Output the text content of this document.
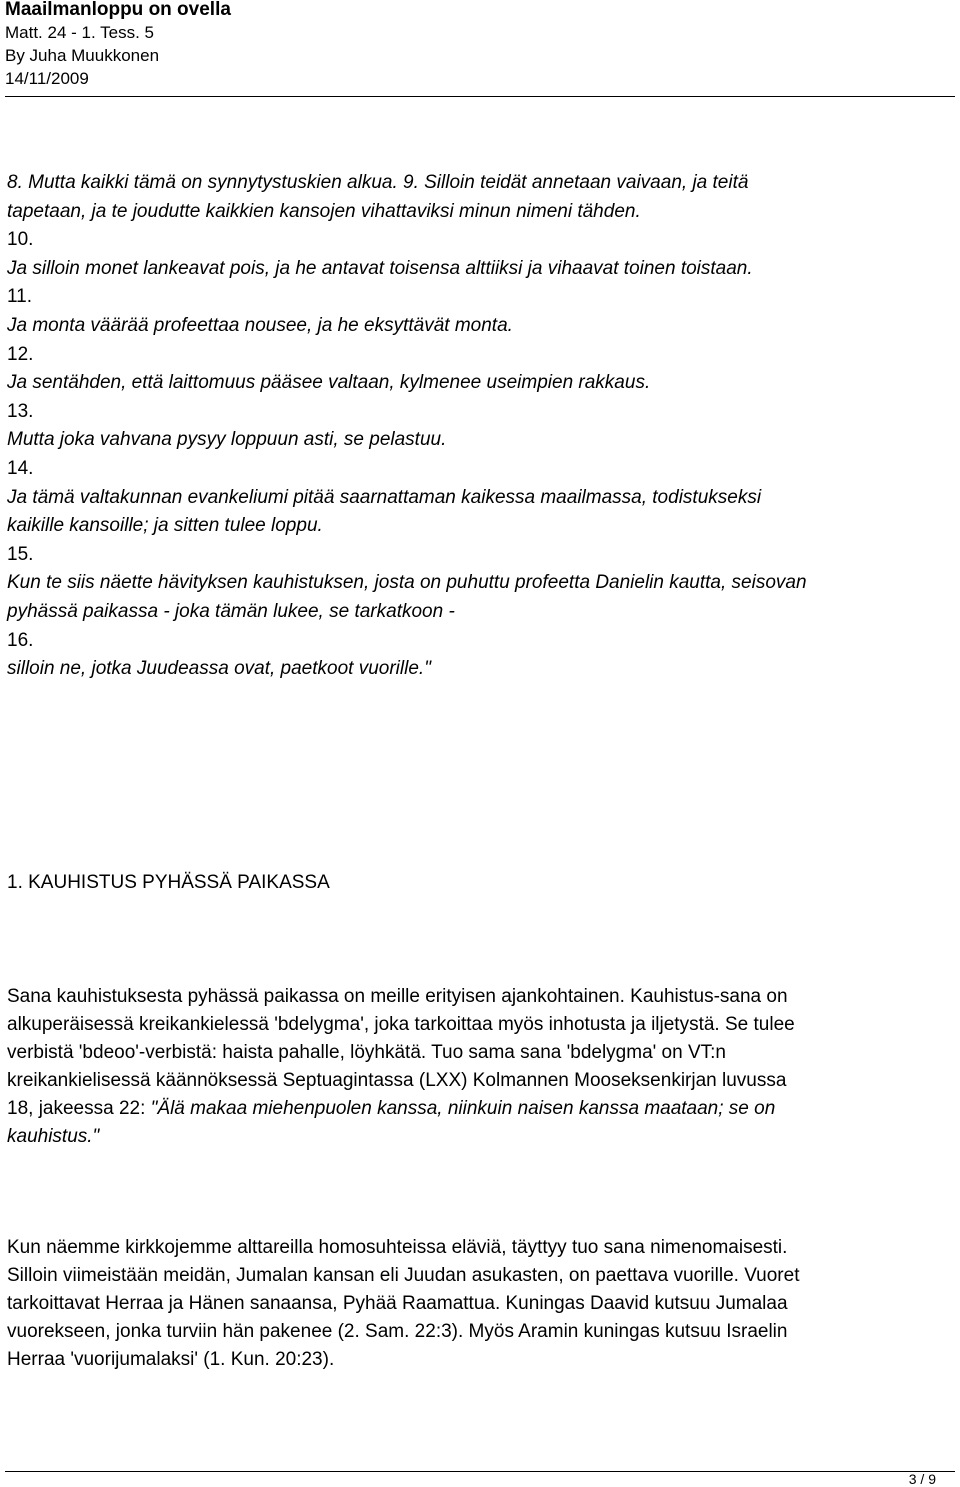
Maailmanloppu on ovella
Matt. 24 - 1. Tess. 5
By Juha Muukkonen
14/11/2009

8. Mutta kaikki tämä on synnytystuskien alkua. 9. Silloin teidät annetaan vaivaan, ja teitä

tapetaan, ja te joudutte kaikkien kansojen vihattaviksi minun nimeni tähden.

10.

Ja silloin monet lankeavat pois, ja he antavat toisensa alttiiksi ja vihaavat toinen toistaan.

11.

Ja monta väärää profeettaa nousee, ja he eksyttävät monta.

12.

Ja sentähden, että laittomuus pääsee valtaan, kylmenee useimpien rakkaus.

13.

Mutta joka vahvana pysyy loppuun asti, se pelastuu.

14.

Ja tämä valtakunnan evankeliumi pitää saarnattaman kaikessa maailmassa, todistukseksi

kaikille kansoille; ja sitten tulee loppu.

15.

Kun te siis näette hävityksen kauhistuksen, josta on puhuttu profeetta Danielin kautta, seisovan

pyhässä paikassa - joka tämän lukee, se tarkatkoon -

16.

silloin ne, jotka Juudeassa ovat, paetkoot vuorille."

1. KAUHISTUS PYHÄSSÄ PAIKASSA
Sana kauhistuksesta pyhässä paikassa on meille erityisen ajankohtainen. Kauhistus-sana on
alkuperäisessä kreikankielessä 'bdelygma', joka tarkoittaa myös inhotusta ja iljetystä. Se tulee
verbistä 'bdeoo'-verbistä: haista pahalle, löyhkätä. Tuo sama sana 'bdelygma' on VT:n
kreikankielisessä käännöksessä Septuagintassa (LXX) Kolmannen Mooseksenkirjan luvussa
18, jakeessa 22: "Älä makaa miehenpuolen kanssa, niinkuin naisen kanssa maataan; se on
kauhistus."
Kun näemme kirkkojemme alttareilla homosuhteissa eläviä, täyttyy tuo sana nimenomaisesti.
Silloin viimeistään meidän, Jumalan kansan eli Juudan asukasten, on paettava vuorille. Vuoret
tarkoittavat Herraa ja Hänen sanaansa, Pyhää Raamattua. Kuningas Daavid kutsuu Jumalaa
vuorekseen, jonka turviin hän pakenee (2. Sam. 22:3). Myös Aramin kuningas kutsuu Israelin
Herraa 'vuorijumalaksi' (1. Kun. 20:23).
3 / 9
